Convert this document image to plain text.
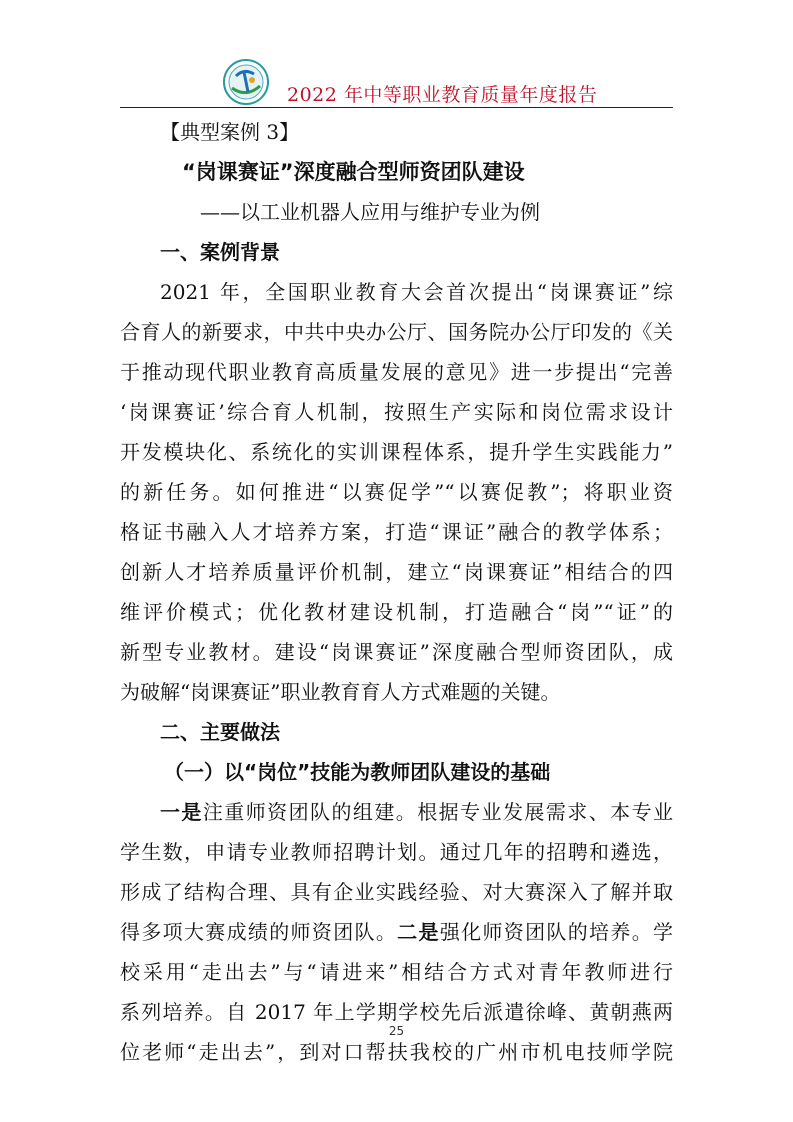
2022 年中等职业教育质量年度报告
【典型案例 3】
“岗课赛证”深度融合型师资团队建设
——以工业机器人应用与维护专业为例
一、案例背景
2021 年，全国职业教育大会首次提出“岗课赛证”综
合育人的新要求，中共中央办公厅、国务院办公厅印发的《关
于推动现代职业教育高质量发展的意见》进一步提出“完善
‘岗课赛证’综合育人机制，按照生产实际和岗位需求设计
开发模块化、系统化的实训课程体系，提升学生实践能力”
的新任务。如何推进“以赛促学”“以赛促教”；将职业资
格证书融入人才培养方案，打造“课证”融合的教学体系；
创新人才培养质量评价机制，建立“岗课赛证”相结合的四
维评价模式；优化教材建设机制，打造融合“岗”“证”的
新型专业教材。建设“岗课赛证”深度融合型师资团队，成
为破解“岗课赛证”职业教育育人方式难题的关键。
二、主要做法
（一）以“岗位”技能为教师团队建设的基础
一是注重师资团队的组建。根据专业发展需求、本专业
学生数，申请专业教师招聘计划。通过几年的招聘和遴选，
形成了结构合理、具有企业实践经验、对大赛深入了解并取
得多项大赛成绩的师资团队。二是强化师资团队的培养。学
校采用“走出去”与“请进来”相结合方式对青年教师进行
系列培养。自 2017 年上学期学校先后派遣徐峰、黄朝燕两
位老师“走出去”，到对口帮扶我校的广州市机电技师学院
25
